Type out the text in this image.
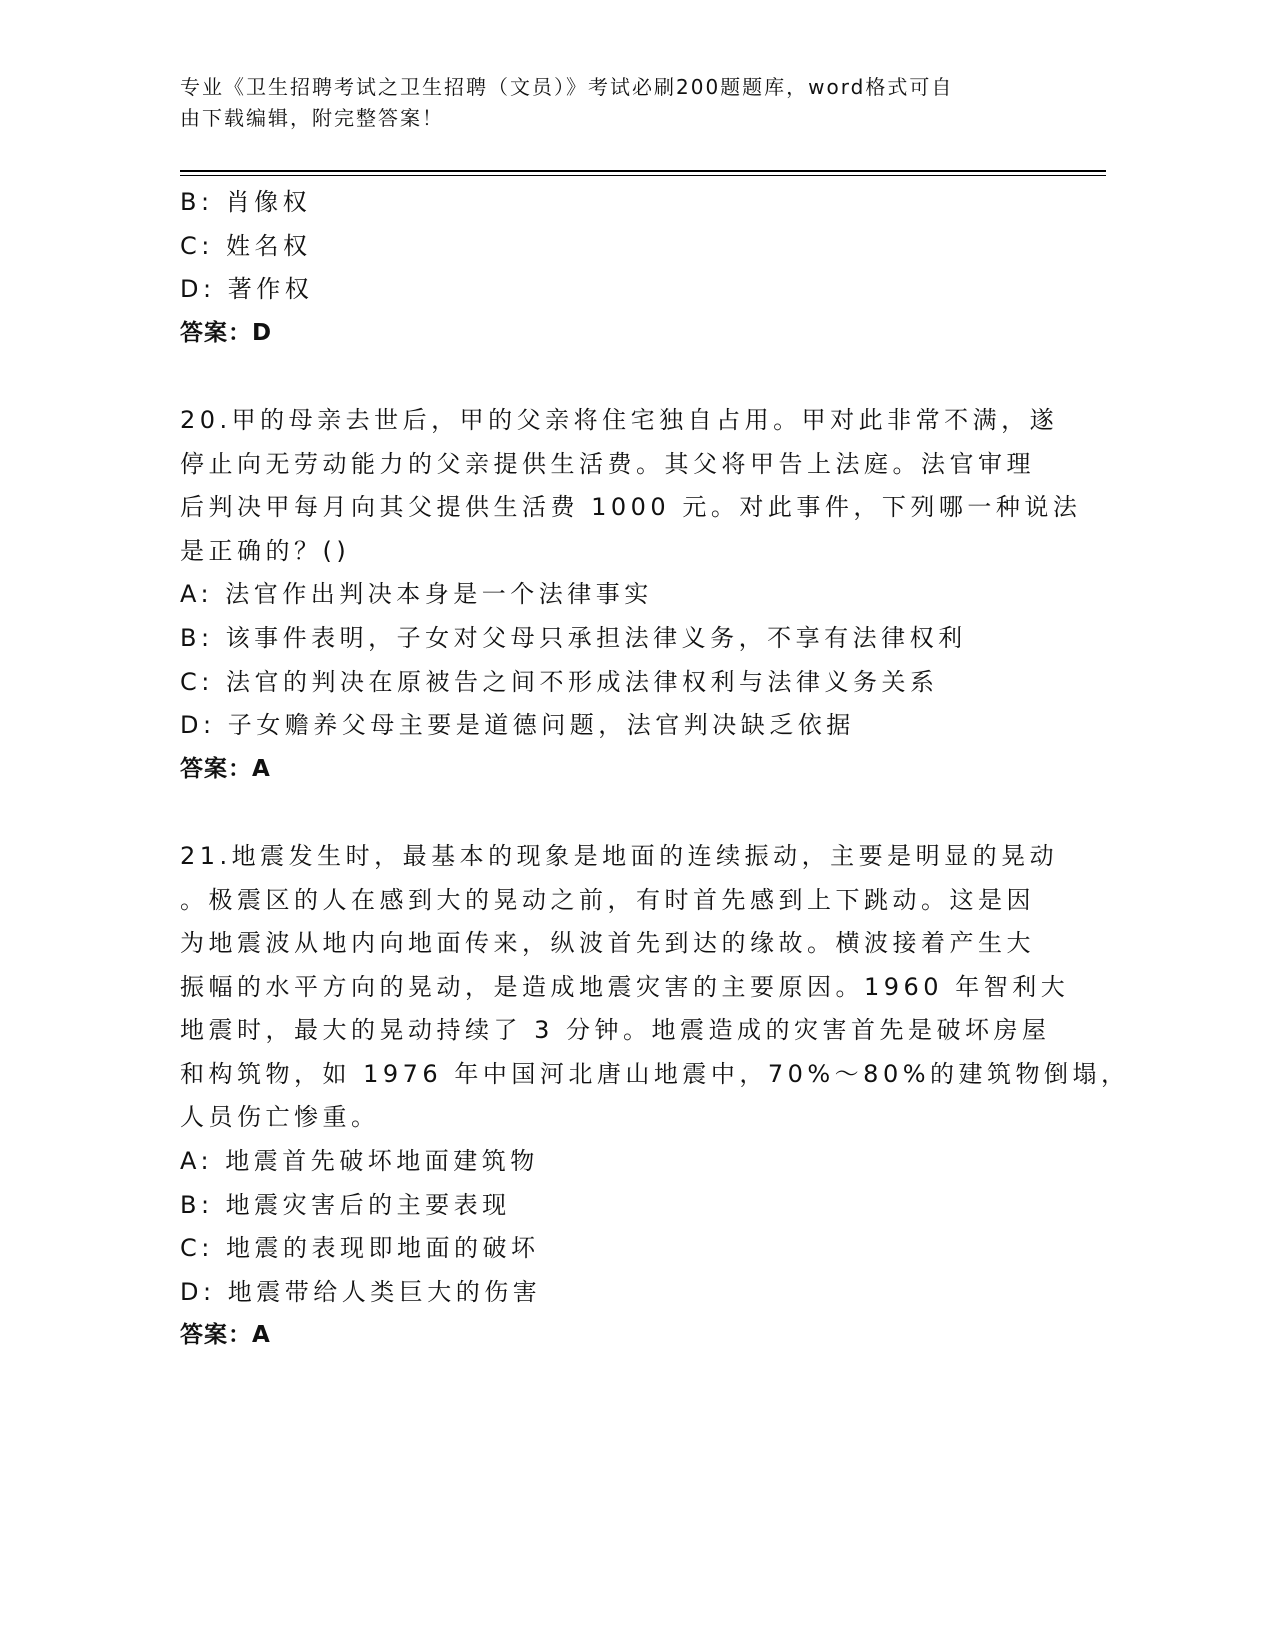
专业《卫生招聘考试之卫生招聘（文员）》考试必刷200题题库，word格式可自
由下载编辑，附完整答案！
B: 肖像权
C: 姓名权
D: 著作权
答案：D
20.甲的母亲去世后，甲的父亲将住宅独自占用。甲对此非常不满，遂
停止向无劳动能力的父亲提供生活费。其父将甲告上法庭。法官审理
后判决甲每月向其父提供生活费 1000 元。对此事件，下列哪一种说法
是正确的？()
A: 法官作出判决本身是一个法律事实
B: 该事件表明，子女对父母只承担法律义务，不享有法律权利
C: 法官的判决在原被告之间不形成法律权利与法律义务关系
D: 子女赡养父母主要是道德问题，法官判决缺乏依据
答案：A
21.地震发生时，最基本的现象是地面的连续振动，主要是明显的晃动
。极震区的人在感到大的晃动之前，有时首先感到上下跳动。这是因
为地震波从地内向地面传来，纵波首先到达的缘故。横波接着产生大
振幅的水平方向的晃动，是造成地震灾害的主要原因。1960 年智利大
地震时，最大的晃动持续了 3 分钟。地震造成的灾害首先是破坏房屋
和构筑物，如 1976 年中国河北唐山地震中，70%～80%的建筑物倒塌，
人员伤亡惨重。
A: 地震首先破坏地面建筑物
B: 地震灾害后的主要表现
C: 地震的表现即地面的破坏
D: 地震带给人类巨大的伤害
答案：A
